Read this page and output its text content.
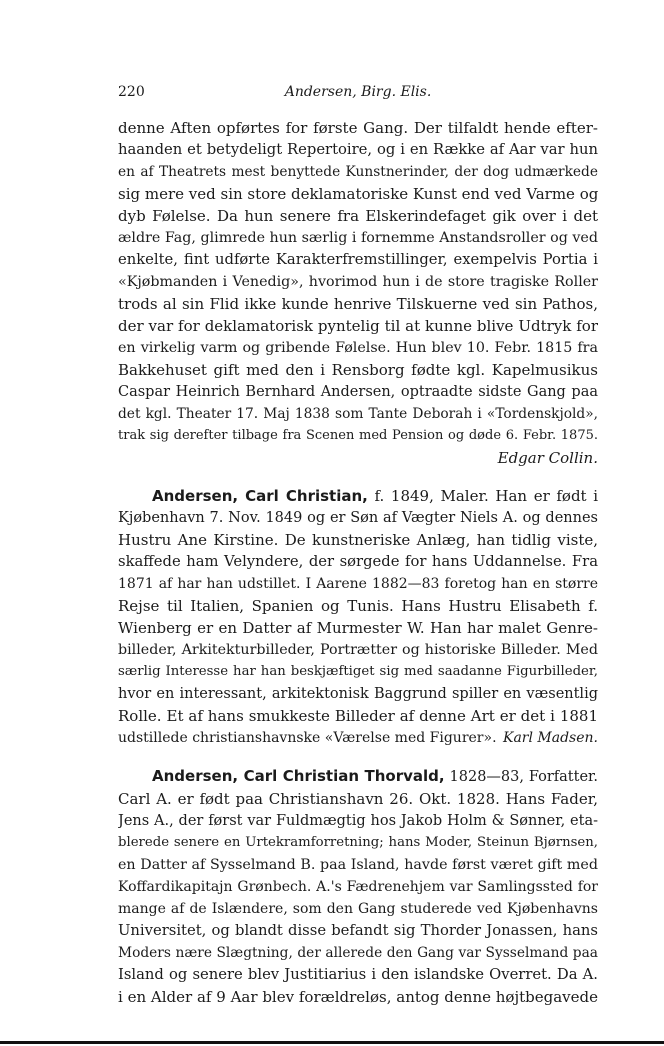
220	Andersen, Birg. Elis.
denne Aften opførtes for første Gang. Der tilfaldt hende efter-
haanden et betydeligt Repertoire, og i en Række af Aar var hun
en af Theatrets mest benyttede Kunstnerinder, der dog udmærkede
sig mere ved sin store deklamatoriske Kunst end ved Varme og
dyb Følelse. Da hun senere fra Elskerindefaget gik over i det
ældre Fag, glimrede hun særlig i fornemme Anstandsroller og ved
enkelte, fint udførte Karakterfremstillinger, exempelvis Portia i
«Kjøbmanden i Venedig», hvorimod hun i de store tragiske Roller
trods al sin Flid ikke kunde henrive Tilskuerne ved sin Pathos,
der var for deklamatorisk pyntelig til at kunne blive Udtryk for
en virkelig varm og gribende Følelse. Hun blev 10. Febr. 1815 fra
Bakkehuset gift med den i Rensborg fødte kgl. Kapelmusikus
Caspar Heinrich Bernhard Andersen, optraadte sidste Gang paa
det kgl. Theater 17. Maj 1838 som Tante Deborah i «Tordenskjold»,
trak sig derefter tilbage fra Scenen med Pension og døde 6. Febr. 1875.
Edgar Collin.
Andersen, Carl Christian, f. 1849, Maler. Han er født i
Kjøbenhavn 7. Nov. 1849 og er Søn af Vægter Niels A. og dennes
Hustru Ane Kirstine. De kunstneriske Anlæg, han tidlig viste,
skaffede ham Velyndere, der sørgede for hans Uddannelse. Fra
1871 af har han udstillet. I Aarene 1882—83 foretog han en større
Rejse til Italien, Spanien og Tunis. Hans Hustru Elisabeth f.
Wienberg er en Datter af Murmester W. Han har malet Genre-
billeder, Arkitekturbilleder, Portrætter og historiske Billeder. Med
særlig Interesse har han beskjæftiget sig med saadanne Figurbilleder,
hvor en interessant, arkitektonisk Baggrund spiller en væsentlig
Rolle. Et af hans smukkeste Billeder af denne Art er det i 1881
udstillede christianshavnske «Værelse med Figurer». Karl Madsen.
Andersen, Carl Christian Thorvald, 1828—83, Forfatter.
Carl A. er født paa Christianshavn 26. Okt. 1828. Hans Fader,
Jens A., der først var Fuldmægtig hos Jakob Holm & Sønner, eta-
blerede senere en Urtekramforretning; hans Moder, Steinun Bjørnsen,
en Datter af Sysselmand B. paa Island, havde først været gift med
Koffardikapitajn Grønbech. A.'s Fædrenehjem var Samlingssted for
mange af de Islændere, som den Gang studerede ved Kjøbenhavns
Universitet, og blandt disse befandt sig Thorder Jonassen, hans
Moders nære Slægtning, der allerede den Gang var Sysselmand paa
Island og senere blev Justitiarius i den islandske Overret. Da A.
i en Alder af 9 Aar blev forældreløs, antog denne højtbegavede
